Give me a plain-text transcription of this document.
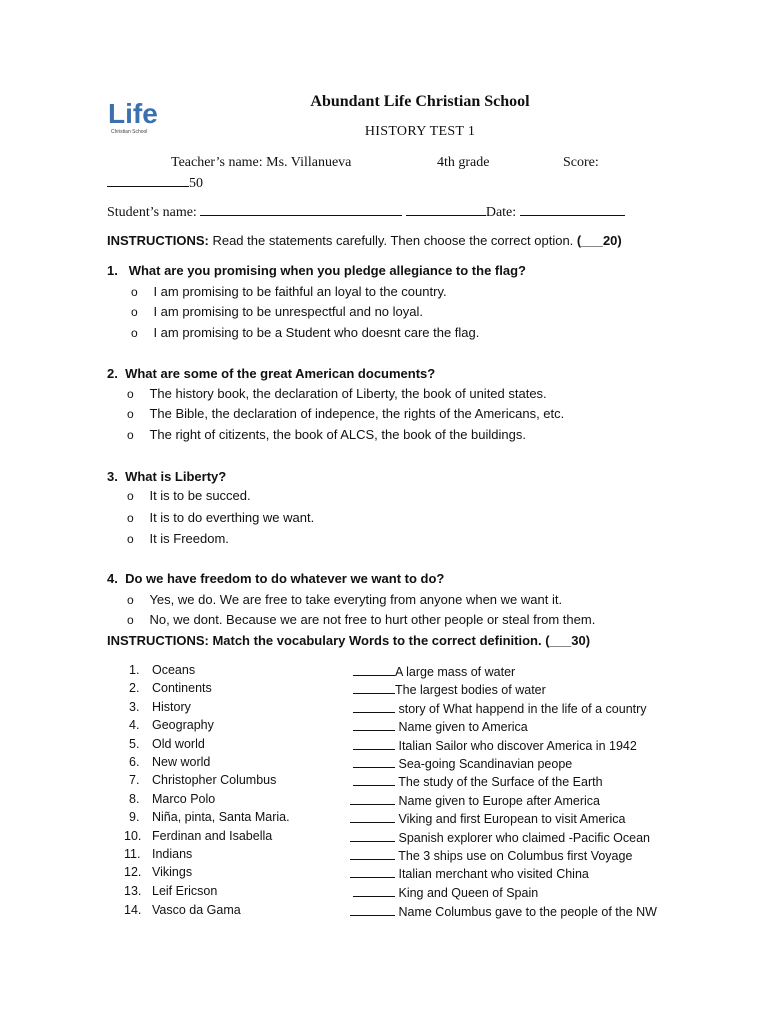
Life
Christian School
Abundant Life Christian School
HISTORY TEST 1
Teacher’s name: Ms. Villanueva	4th grade	Score:
50
Student’s name:	Date:
INSTRUCTIONS: Read the statements carefully. Then choose the correct option. (___20)
1. What are you promising when you pledge allegiance to the flag?
o I am promising to be faithful an loyal to the country.
o I am promising to be unrespectful and no loyal.
o I am promising to be a Student who doesnt care the flag.
2. What are some of the great American documents?
o The history book, the declaration of Liberty, the book of united states.
o The Bible, the declaration of indepence, the rights of the Americans, etc.
o The right of citizents, the book of ALCS, the book of the buildings.
3. What is Liberty?
o It is to be succed.
o It is to do everthing we want.
o It is Freedom.
4. Do we have freedom to do whatever we want to do?
o Yes, we do. We are free to take everyting from anyone when we want it.
o No, we dont. Because we are not free to hurt other people or steal from them.
INSTRUCTIONS: Match the vocabulary Words to the correct definition. (___30)
1. Oceans	A large mass of water
2. Continents	The largest bodies of water
3. History	story of What happend in the life of a country
4. Geography	Name given to America
5. Old world	Italian Sailor who discover America in 1942
6. New world	Sea-going Scandinavian peope
7. Christopher Columbus	The study of the Surface of the Earth
8. Marco Polo	Name given to Europe after America
9. Niña, pinta, Santa Maria.	Viking and first European to visit America
10. Ferdinan and Isabella	Spanish explorer who claimed -Pacific Ocean
11. Indians	The 3 ships use on Columbus first Voyage
12. Vikings	Italian merchant who visited China
13. Leif Ericson	King and Queen of Spain
14. Vasco da Gama	Name Columbus gave to the people of the NW
